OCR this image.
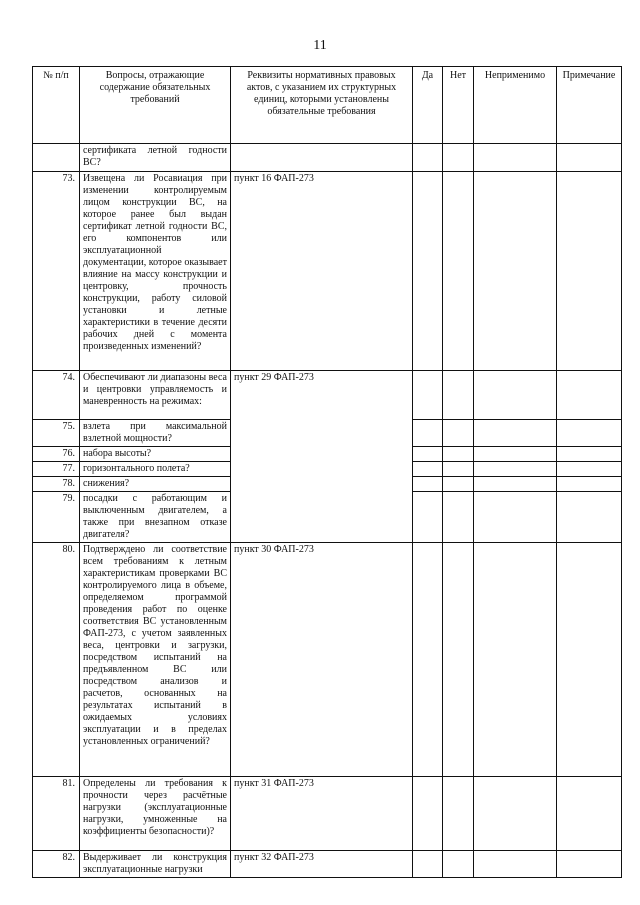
11
№ п/п	Вопросы, отражающие содержание обязательных требований	Реквизиты нормативных правовых актов, с указанием их структурных единиц, которыми установлены обязательные требования	Да	Нет	Неприменимо	Примечание
	сертификата летной годности ВС?					
73.	Извещена ли Росавиация при изменении контролируемым лицом конструкции ВС, на которое ранее был выдан сертификат летной годности ВС, его компонентов или эксплуатационной документации, которое оказывает влияние на массу конструкции и центровку, прочность конструкции, работу силовой установки и летные характеристики в течение десяти рабочих дней с момента произведенных изменений?	пункт 16 ФАП-273				
74.	Обеспечивают ли диапазоны веса и центровки управляемость и маневренность на режимах:	пункт 29 ФАП-273				
75.	взлета при максимальной взлетной мощности?					
76.	набора высоты?					
77.	горизонтального полета?					
78.	снижения?					
79.	посадки с работающим и выключенным двигателем, а также при внезапном отказе двигателя?					
80.	Подтверждено ли соответствие всем требованиям к летным характеристикам проверками ВС контролируемого лица в объеме, определяемом программой проведения работ по оценке соответствия ВС установленным ФАП-273, с учетом заявленных веса, центровки и загрузки, посредством испытаний на предъявленном ВС или посредством анализов и расчетов, основанных на результатах испытаний в ожидаемых условиях эксплуатации и в пределах установленных ограничений?	пункт 30 ФАП-273				
81.	Определены ли требования к прочности через расчётные нагрузки (эксплуатационные нагрузки, умноженные на коэффициенты безопасности)?	пункт 31 ФАП-273				
82.	Выдерживает ли конструкция эксплуатационные нагрузки	пункт 32 ФАП-273				
